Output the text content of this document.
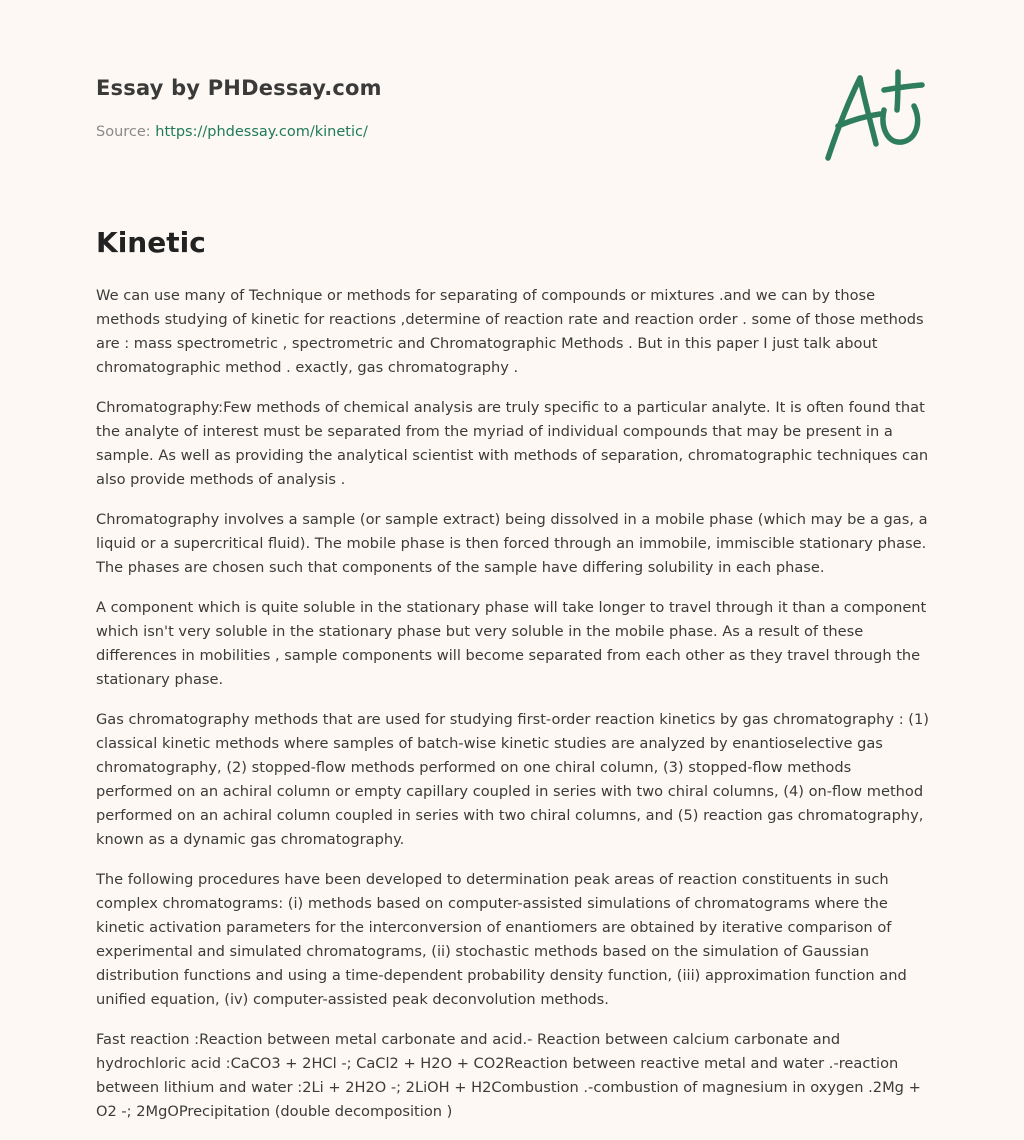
Essay by PHDessay.com
Source: https://phdessay.com/kinetic/
Kinetic

We can use many of Technique or methods for separating of compounds or mixtures .and we can by those methods studying of kinetic for reactions ,determine of reaction rate and reaction order . some of those methods are : mass spectrometric , spectrometric and Chromatographic Methods . But in this paper I just talk about chromatographic method . exactly, gas chromatography .

Chromatography:Few methods of chemical analysis are truly specific to a particular analyte. It is often found that the analyte of interest must be separated from the myriad of individual compounds that may be present in a sample. As well as providing the analytical scientist with methods of separation, chromatographic techniques can also provide methods of analysis .

Chromatography involves a sample (or sample extract) being dissolved in a mobile phase (which may be a gas, a liquid or a supercritical fluid). The mobile phase is then forced through an immobile, immiscible stationary phase. The phases are chosen such that components of the sample have differing solubility in each phase.

A component which is quite soluble in the stationary phase will take longer to travel through it than a component which isn't very soluble in the stationary phase but very soluble in the mobile phase. As a result of these differences in mobilities , sample components will become separated from each other as they travel through the stationary phase.

Gas chromatography methods that are used for studying first-order reaction kinetics by gas chromatography : (1) classical kinetic methods where samples of batch-wise kinetic studies are analyzed by enantioselective gas chromatography, (2) stopped-flow methods performed on one chiral column, (3) stopped-flow methods performed on an achiral column or empty capillary coupled in series with two chiral columns, (4) on-flow method performed on an achiral column coupled in series with two chiral columns, and (5) reaction gas chromatography, known as a dynamic gas chromatography.

The following procedures have been developed to determination peak areas of reaction constituents in such complex chromatograms: (i) methods based on computer-assisted simulations of chromatograms where the kinetic activation parameters for the interconversion of enantiomers are obtained by iterative comparison of experimental and simulated chromatograms, (ii) stochastic methods based on the simulation of Gaussian distribution functions and using a time-dependent probability density function, (iii) approximation function and unified equation, (iv) computer-assisted peak deconvolution methods.

Fast reaction :Reaction between metal carbonate and acid.- Reaction between calcium carbonate and hydrochloric acid :CaCO3 + 2HCl -; CaCl2 + H2O + CO2Reaction between reactive metal and water .-reaction between lithium and water :2Li + 2H2O -; 2LiOH + H2Combustion .-combustion of magnesium in oxygen .2Mg + O2 -; 2MgOPrecipitation (double decomposition )
